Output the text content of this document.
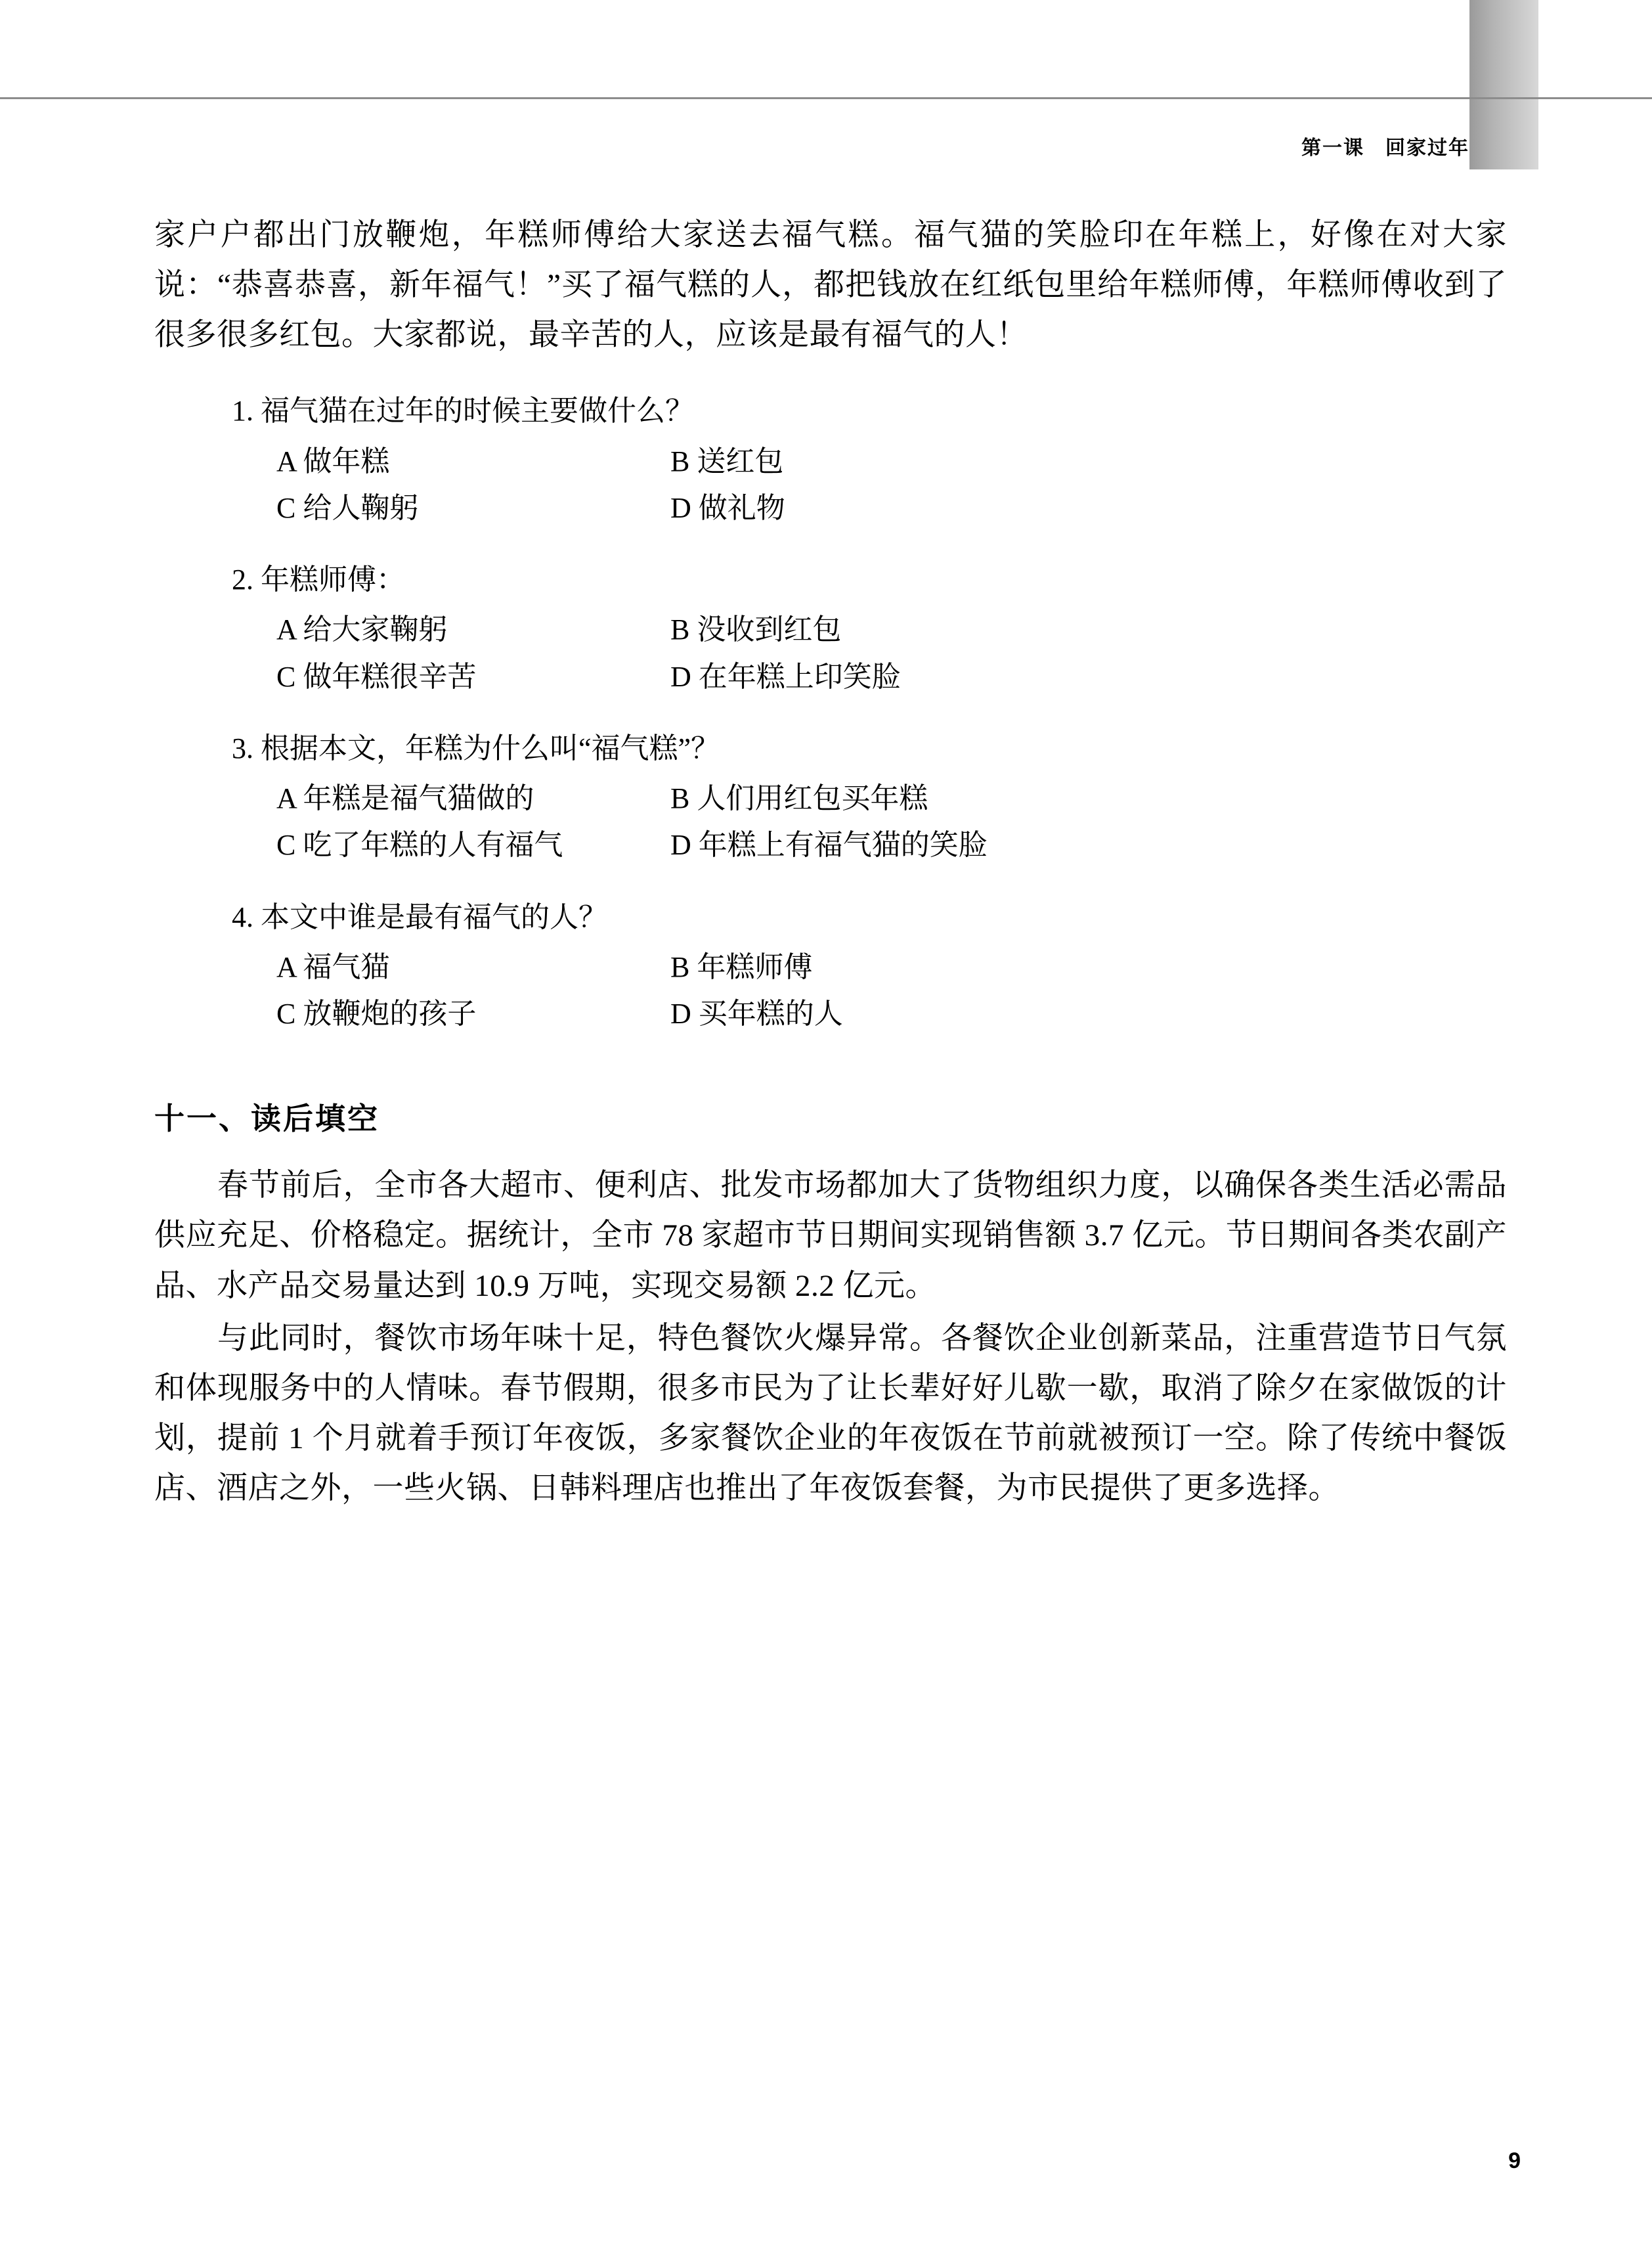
第一课　回家过年

家户户都出门放鞭炮，年糕师傅给大家送去福气糕。福气猫的笑脸印在年糕上，好像在对大家说：“恭喜恭喜，新年福气！”买了福气糕的人，都把钱放在红纸包里给年糕师傅，年糕师傅收到了很多很多红包。大家都说，最辛苦的人，应该是最有福气的人！

1. 福气猫在过年的时候主要做什么？
A 做年糕	B 送红包
C 给人鞠躬	D 做礼物
2. 年糕师傅：
A 给大家鞠躬	B 没收到红包
C 做年糕很辛苦	D 在年糕上印笑脸
3. 根据本文，年糕为什么叫“福气糕”？
A 年糕是福气猫做的	B 人们用红包买年糕
C 吃了年糕的人有福气	D 年糕上有福气猫的笑脸
4. 本文中谁是最有福气的人？
A 福气猫	B 年糕师傅
C 放鞭炮的孩子	D 买年糕的人
十一、读后填空

春节前后，全市各大超市、便利店、批发市场都加大了货物组织力度，以确保各类生活必需品供应充足、价格稳定。据统计，全市 78 家超市节日期间实现销售额 3.7 亿元。节日期间各类农副产品、水产品交易量达到 10.9 万吨，实现交易额 2.2 亿元。

与此同时，餐饮市场年味十足，特色餐饮火爆异常。各餐饮企业创新菜品，注重营造节日气氛和体现服务中的人情味。春节假期，很多市民为了让长辈好好儿歇一歇，取消了除夕在家做饭的计划，提前 1 个月就着手预订年夜饭，多家餐饮企业的年夜饭在节前就被预订一空。除了传统中餐饭店、酒店之外，一些火锅、日韩料理店也推出了年夜饭套餐，为市民提供了更多选择。

9
